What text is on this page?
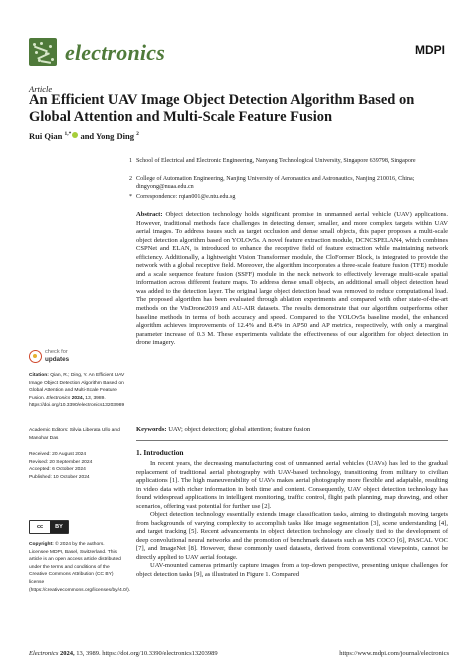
electronics	MDPI
Article
An Efficient UAV Image Object Detection Algorithm Based on Global Attention and Multi-Scale Feature Fusion
Rui Qian $^{1,*}$ and Yong Ding $^2$
1 School of Electrical and Electronic Engineering, Nanyang Technological University, Singapore 639798, Singapore
2 College of Automation Engineering, Nanjing University of Aeronautics and Astronautics, Nanjing 210016, China; dingyong@nuaa.edu.cn
* Correspondence: rqian001@e.ntu.edu.sg
Abstract: Object detection technology holds significant promise in unmanned aerial vehicle (UAV) applications. However, traditional methods face challenges in detecting denser, smaller, and more complex targets within UAV aerial images. To address issues such as target occlusion and dense small objects, this paper proposes a multi-scale object detection algorithm based on YOLOv5s. A novel feature extraction module, DCNCSPELAN4, which combines CSPNet and ELAN, is introduced to enhance the receptive field of feature extraction while maintaining network efficiency. Additionally, a lightweight Vision Transformer module, the CloFormer Block, is integrated to provide the network with a global receptive field. Moreover, the algorithm incorporates a three-scale feature fusion (TFE) module and a scale sequence feature fusion (SSFF) module in the neck network to effectively leverage multi-scale spatial information across different feature maps. To address dense small objects, an additional small object detection head was added to the detection layer. The original large object detection head was removed to reduce computational load. The proposed algorithm has been evaluated through ablation experiments and compared with other state-of-the-art methods on the VisDrone2019 and AU-AIR datasets. The results demonstrate that our algorithm outperforms other baseline methods in terms of both accuracy and speed. Compared to the YOLOv5s baseline model, the enhanced algorithm achieves improvements of 12.4% and 8.4% in AP50 and AP metrics, respectively, with only a marginal parameter increase of 0.3 M. These experiments validate the effectiveness of our algorithm for object detection in drone imagery.
Keywords: UAV; object detection; global attention; feature fusion
check for
updates
Citation: Qian, R.; Ding, Y. An Efficient UAV Image Object Detection Algorithm Based on Global Attention and Multi-Scale Feature Fusion. Electronics 2024, 13, 3989. https://doi.org/10.3390/electronics13203989
Academic Editors: Silvia Liberata Ullo and Manohar Das
Received: 20 August 2024
Revised: 20 September 2024
Accepted: 6 October 2024
Published: 10 October 2024
cc	BY
Copyright: © 2024 by the authors. Licensee MDPI, Basel, Switzerland. This article is an open access article distributed under the terms and conditions of the Creative Commons Attribution (CC BY) license (https://creativecommons.org/licenses/by/4.0/).
1. Introduction

In recent years, the decreasing manufacturing cost of unmanned aerial vehicles (UAVs) has led to the gradual replacement of traditional aerial photography with UAV-based technology, transitioning from military to civilian applications [1]. The high maneuverability of UAVs makes aerial photography more flexible and adaptable, resulting in video data with richer information in both time and content. Consequently, UAV object detection technology has found widespread applications in intelligent monitoring, traffic control, flight path planning, map drawing, and other scenarios, offering vast potential for further use [2].

Object detection technology essentially extends image classification tasks, aiming to distinguish moving targets from backgrounds of varying complexity to accomplish tasks like image segmentation [3], scene understanding [4], and target tracking [5]. Recent advancements in object detection technology are closely tied to the development of deep convolutional neural networks and the promotion of benchmark datasets such as MS COCO [6], PASCAL VOC [7], and ImageNet [8]. However, these commonly used datasets, derived from conventional viewpoints, cannot be directly applied to UAV aerial footage.

UAV-mounted cameras primarily capture images from a top-down perspective, presenting unique challenges for object detection tasks [9], as illustrated in Figure 1. Compared

Electronics 2024, 13, 3989. https://doi.org/10.3390/electronics13203989	https://www.mdpi.com/journal/electronics
